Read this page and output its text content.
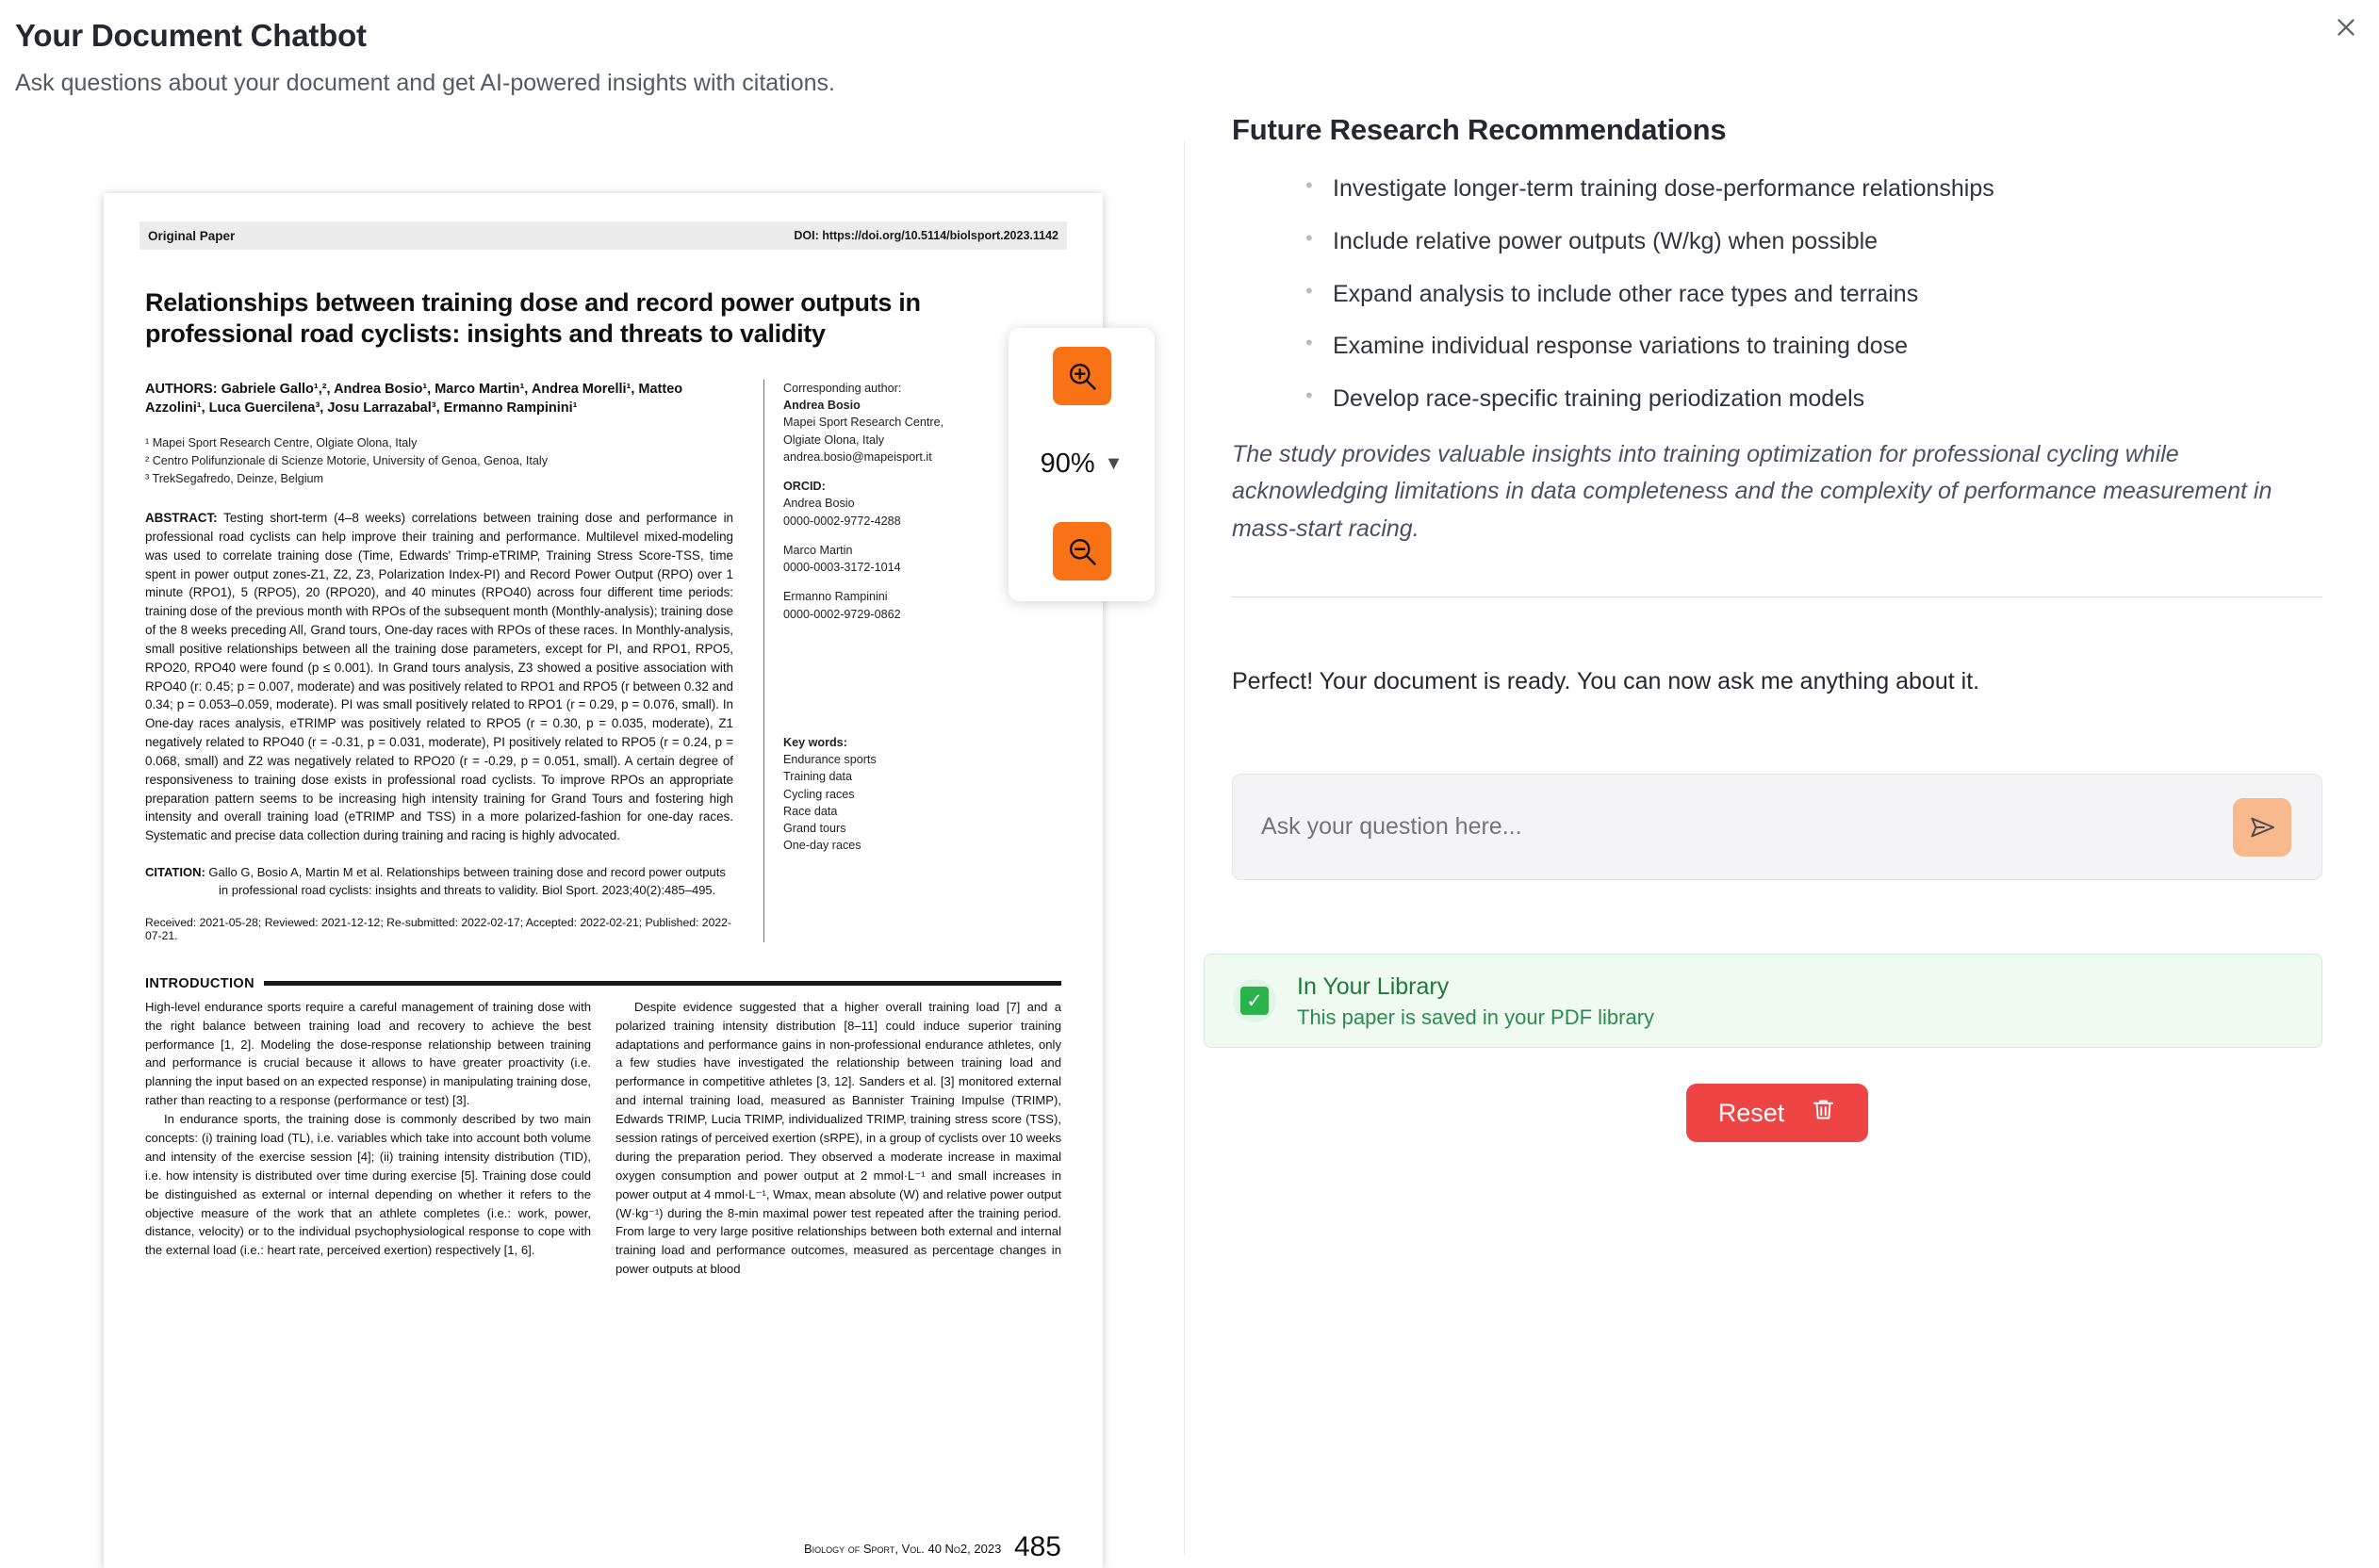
Your Document Chatbot
Ask questions about your document and get AI-powered insights with citations.
Original Paper	DOI: https://doi.org/10.5114/biolsport.2023.1142
Relationships between training dose and record power outputs in professional road cyclists: insights and threats to validity
AUTHORS: Gabriele Gallo¹,², Andrea Bosio¹, Marco Martin¹, Andrea Morelli¹, Matteo Azzolini¹, Luca Guercilena³, Josu Larrazabal³, Ermanno Rampinini¹
¹ Mapei Sport Research Centre, Olgiate Olona, Italy
² Centro Polifunzionale di Scienze Motorie, University of Genoa, Genoa, Italy
³ TrekSegafredo, Deinze, Belgium
ABSTRACT: Testing short-term (4–8 weeks) correlations between training dose and performance in professional road cyclists can help improve their training and performance. Multilevel mixed-modeling was used to correlate training dose (Time, Edwards' Trimp-eTRIMP, Training Stress Score-TSS, time spent in power output zones-Z1, Z2, Z3, Polarization Index-PI) and Record Power Output (RPO) over 1 minute (RPO1), 5 (RPO5), 20 (RPO20), and 40 minutes (RPO40) across four different time periods: training dose of the previous month with RPOs of the subsequent month (Monthly-analysis); training dose of the 8 weeks preceding All, Grand tours, One-day races with RPOs of these races. In Monthly-analysis, small positive relationships between all the training dose parameters, except for PI, and RPO1, RPO5, RPO20, RPO40 were found (p ≤ 0.001). In Grand tours analysis, Z3 showed a positive association with RPO40 (r: 0.45; p = 0.007, moderate) and was positively related to RPO1 and RPO5 (r between 0.32 and 0.34; p = 0.053–0.059, moderate). PI was small positively related to RPO1 (r = 0.29, p = 0.076, small). In One-day races analysis, eTRIMP was positively related to RPO5 (r = 0.30, p = 0.035, moderate), Z1 negatively related to RPO40 (r = -0.31, p = 0.031, moderate), PI positively related to RPO5 (r = 0.24, p = 0.068, small) and Z2 was negatively related to RPO20 (r = -0.29, p = 0.051, small). A certain degree of responsiveness to training dose exists in professional road cyclists. To improve RPOs an appropriate preparation pattern seems to be increasing high intensity training for Grand Tours and fostering high intensity and overall training load (eTRIMP and TSS) in a more polarized-fashion for one-day races. Systematic and precise data collection during training and racing is highly advocated.
CITATION: Gallo G, Bosio A, Martin M et al. Relationships between training dose and record power outputs
in professional road cyclists: insights and threats to validity. Biol Sport. 2023;40(2):485–495.
Received: 2021-05-28; Reviewed: 2021-12-12; Re-submitted: 2022-02-17; Accepted: 2022-02-21; Published: 2022-07-21.
Corresponding author:
Andrea Bosio
Mapei Sport Research Centre,
Olgiate Olona, Italy
andrea.bosio@mapeisport.it
ORCID:
Andrea Bosio
0000-0002-9772-4288
Marco Martin
0000-0003-3172-1014
Ermanno Rampinini
0000-0002-9729-0862
Key words:
Endurance sports
Training data
Cycling races
Race data
Grand tours
One-day races
INTRODUCTION

High-level endurance sports require a careful management of training dose with the right balance between training load and recovery to achieve the best performance [1, 2]. Modeling the dose-response relationship between training and performance is crucial because it allows to have greater proactivity (i.e. planning the input based on an expected response) in manipulating training dose, rather than reacting to a response (performance or test) [3].

In endurance sports, the training dose is commonly described by two main concepts: (i) training load (TL), i.e. variables which take into account both volume and intensity of the exercise session [4]; (ii) training intensity distribution (TID), i.e. how intensity is distributed over time during exercise [5]. Training dose could be distinguished as external or internal depending on whether it refers to the objective measure of the work that an athlete completes (i.e.: work, power, distance, velocity) or to the individual psychophysiological response to cope with the external load (i.e.: heart rate, perceived exertion) respectively [1, 6].

Despite evidence suggested that a higher overall training load [7] and a polarized training intensity distribution [8–11] could induce superior training adaptations and performance gains in non-professional endurance athletes, only a few studies have investigated the relationship between training load and performance in competitive athletes [3, 12]. Sanders et al. [3] monitored external and internal training load, measured as Bannister Training Impulse (TRIMP), Edwards TRIMP, Lucia TRIMP, individualized TRIMP, training stress score (TSS), session ratings of perceived exertion (sRPE), in a group of cyclists over 10 weeks during the preparation period. They observed a moderate increase in maximal oxygen consumption and power output at 2 mmol·L⁻¹ and small increases in power output at 4 mmol·L⁻¹, Wmax, mean absolute (W) and relative power output (W·kg⁻¹) during the 8-min maximal power test repeated after the training period. From large to very large positive relationships between both external and internal training load and performance outcomes, measured as percentage changes in power outputs at blood

Biology of Sport, Vol. 40 No2, 2023 485
90% ▼
Future Research Recommendations
• Investigate longer-term training dose-performance relationships
• Include relative power outputs (W/kg) when possible
• Expand analysis to include other race types and terrains
• Examine individual response variations to training dose
• Develop race-specific training periodization models
The study provides valuable insights into training optimization for professional cycling while acknowledging limitations in data completeness and the complexity of performance measurement in mass-start racing.
Perfect! Your document is ready. You can now ask me anything about it.
Ask your question here...
✓
In Your Library
This paper is saved in your PDF library
Reset
